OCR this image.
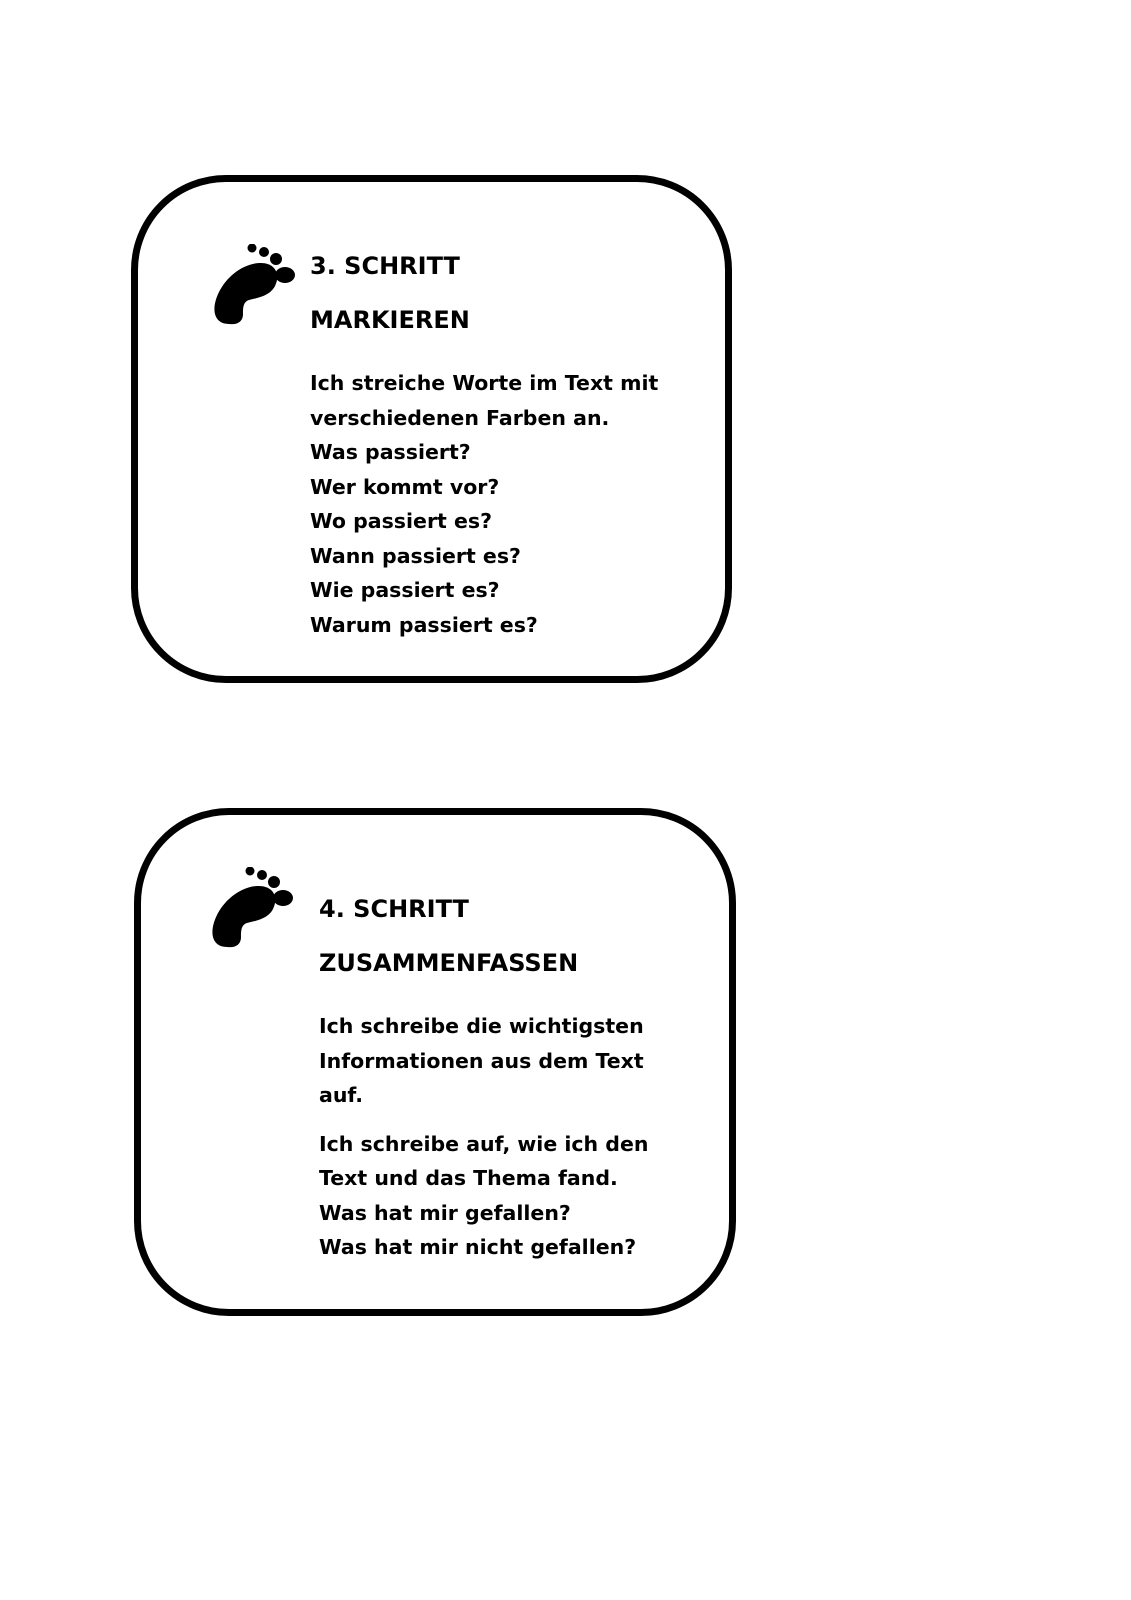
3. SCHRITT
MARKIEREN

Ich streiche Worte im Text mit
verschiedenen Farben an.
Was passiert?
Wer kommt vor?
Wo passiert es?
Wann passiert es?
Wie passiert es?
Warum passiert es?

4. SCHRITT
ZUSAMMENFASSEN

Ich schreibe die wichtigsten
Informationen aus dem Text
auf.

Ich schreibe auf, wie ich den
Text und das Thema fand.
Was hat mir gefallen?
Was hat mir nicht gefallen?
